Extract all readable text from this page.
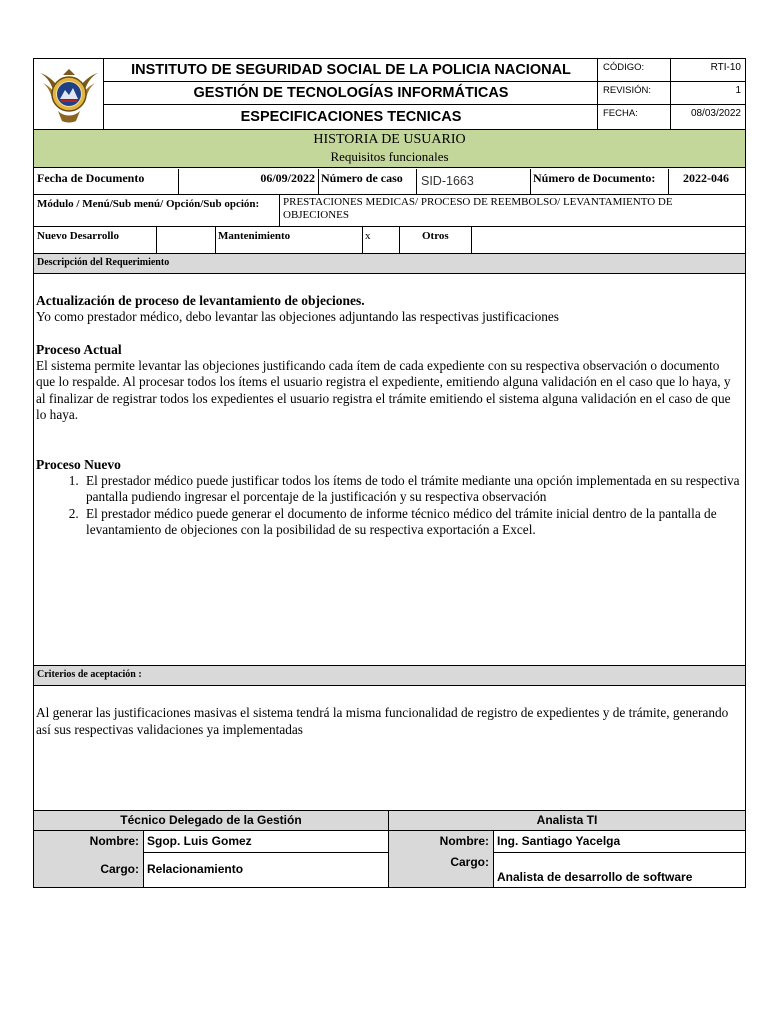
INSTITUTO DE SEGURIDAD SOCIAL DE LA POLICIA NACIONAL
GESTIÓN DE TECNOLOGÍAS INFORMÁTICAS
ESPECIFICACIONES TECNICAS
CÓDIGO:	RTI-10
REVISIÓN:	1
FECHA:	08/03/2022
HISTORIA DE USUARIO
Requisitos funcionales
Fecha de Documento	06/09/2022 Número de caso SID-1663	Número de Documento:	2022-046
Módulo / Menú/Sub menú/ Opción/Sub opción: PRESTACIONES MEDICAS/ PROCESO DE REEMBOLSO/ LEVANTAMIENTO DE OBJECIONES
Nuevo Desarrollo	Mantenimiento	x	Otros
Descripción del Requerimiento
Actualización de proceso de levantamiento de objeciones.
Yo como prestador médico, debo levantar las objeciones adjuntando las respectivas justificaciones
Proceso Actual
El sistema permite levantar las objeciones justificando cada ítem de cada expediente con su respectiva observación o documento que lo respalde. Al procesar todos los ítems el usuario registra el expediente, emitiendo alguna validación en el caso que lo haya, y al finalizar de registrar todos los expedientes el usuario registra el trámite emitiendo el sistema alguna validación en el caso de que lo haya.
Proceso Nuevo
1. El prestador médico puede justificar todos los ítems de todo el trámite mediante una opción implementada en su respectiva pantalla pudiendo ingresar el porcentaje de la justificación y su respectiva observación
2. El prestador médico puede generar el documento de informe técnico médico del trámite inicial dentro de la pantalla de levantamiento de objeciones con la posibilidad de su respectiva exportación a Excel.
Criterios de aceptación :
Al generar las justificaciones masivas el sistema tendrá la misma funcionalidad de registro de expedientes y de trámite, generando así sus respectivas validaciones ya implementadas
Técnico Delegado de la Gestión	Analista TI
Nombre: Sgop. Luis Gomez
Cargo: Relacionamiento
Nombre: Ing. Santiago Yacelga
Cargo:
Analista de desarrollo de software
